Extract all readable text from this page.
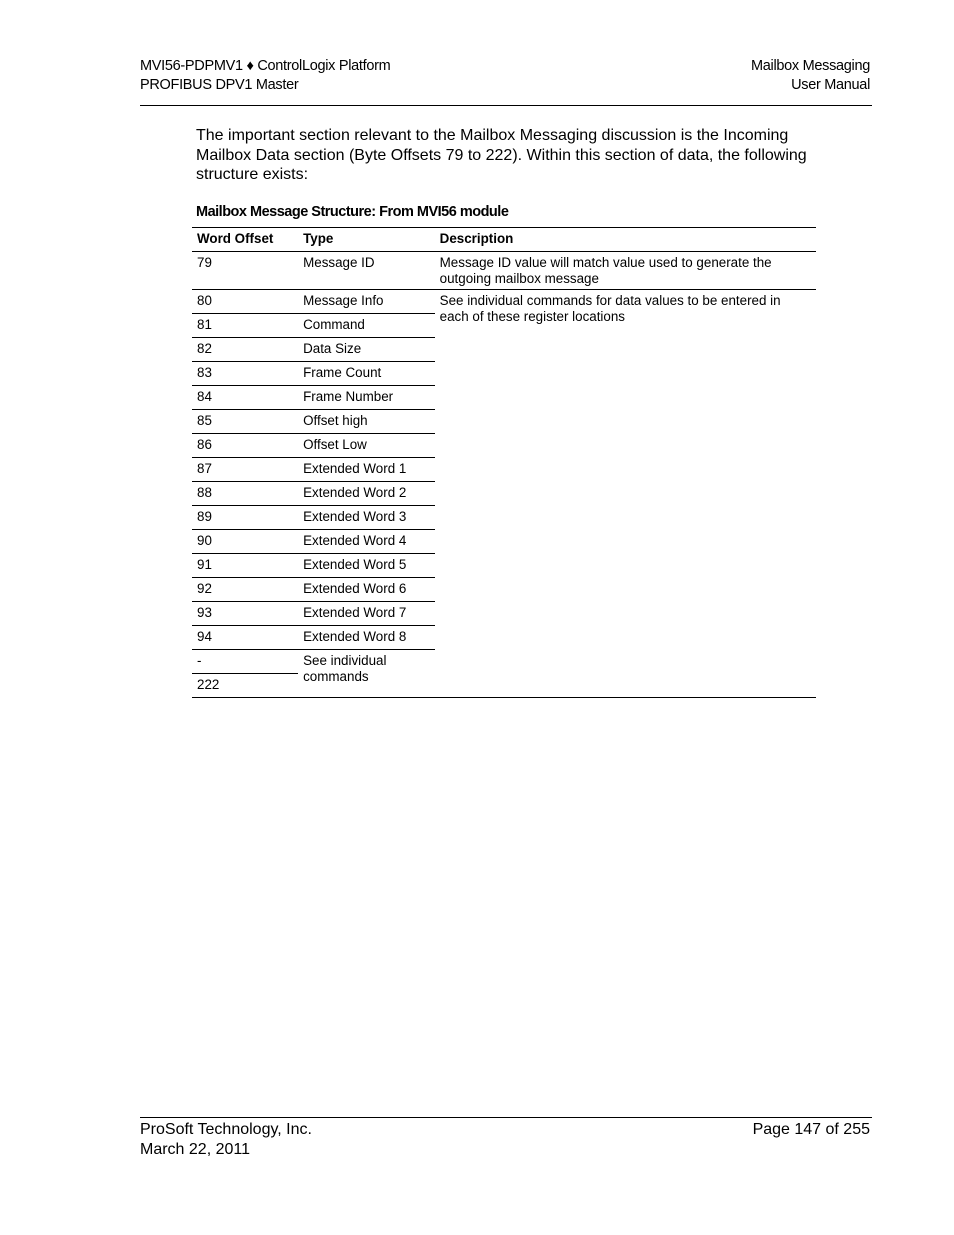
MVI56-PDPMV1 ♦ ControlLogix Platform
PROFIBUS DPV1 Master
Mailbox Messaging
User Manual
The important section relevant to the Mailbox Messaging discussion is the Incoming Mailbox Data section (Byte Offsets 79 to 222). Within this section of data, the following structure exists:
Mailbox Message Structure: From MVI56 module
Word Offset	Type	Description
79	Message ID	Message ID value will match value used to generate the outgoing mailbox message
80	Message Info	See individual commands for data values to be entered in each of these register locations
81	Command	
82	Data Size	
83	Frame Count	
84	Frame Number	
85	Offset high	
86	Offset Low	
87	Extended Word 1	
88	Extended Word 2	
89	Extended Word 3	
90	Extended Word 4	
91	Extended Word 5	
92	Extended Word 6	
93	Extended Word 7	
94	Extended Word 8	
-	See individual commands	
222		
ProSoft Technology, Inc.
March 22, 2011
Page 147 of 255
